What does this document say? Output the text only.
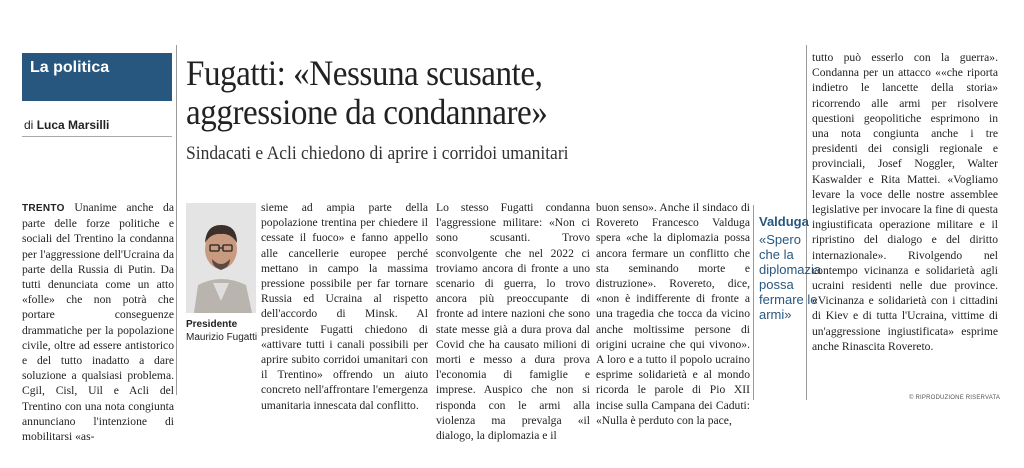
La politica
di Luca Marsilli
Fugatti: «Nessuna scusante,
aggressione da condannare»
Sindacati e Acli chiedono di aprire i corridoi umanitari
TRENTO Unanime anche da parte delle forze politiche e sociali del Trentino la condanna per l'aggressione dell'Ucraina da parte della Russia di Putin. Da tutti denunciata come un atto «folle» che non potrà che portare conseguenze drammatiche per la popolazione civile, oltre ad essere antistorico e del tutto inadatto a dare soluzione a qualsiasi problema. Cgil, Cisl, Uil e Acli del Trentino con una nota congiunta annunciano l'intenzione di mobilitarsi «as-
Presidente
Maurizio Fugatti
sieme ad ampia parte della popolazione trentina per chiedere il cessate il fuoco» e fanno appello alle cancellerie europee perché mettano in campo la massima pressione possibile per far tornare Russia ed Ucraina al rispetto dell'accordo di Minsk. Al presidente Fugatti chiedono di «attivare tutti i canali possibili per aprire subito corridoi umanitari con il Trentino» offrendo un aiuto concreto nell'affrontare l'emergenza umanitaria innescata dal conflitto.
Lo stesso Fugatti condanna l'aggressione militare: «Non ci sono scusanti. Trovo sconvolgente che nel 2022 ci troviamo ancora di fronte a uno scenario di guerra, lo trovo ancora più preoccupante di fronte ad intere nazioni che sono state messe già a dura prova dal Covid che ha causato milioni di morti e messo a dura prova l'economia di famiglie e imprese. Auspico che non si risponda con le armi alla violenza ma prevalga «il dialogo, la diplomazia e il
buon senso». Anche il sindaco di Rovereto Francesco Valduga spera «che la diplomazia possa ancora fermare un conflitto che sta seminando morte e distruzione». Rovereto, dice, «non è indifferente di fronte a una tragedia che tocca da vicino anche moltissime persone di origini ucraine che qui vivono». A loro e a tutto il popolo ucraino esprime solidarietà e al mondo ricorda le parole di Pio XII incise sulla Campana dei Caduti: «Nulla è perduto con la pace,
Valduga
«Spero che la diplomazia possa fermare le armi»
tutto può esserlo con la guerra». Condanna per un attacco ««che riporta indietro le lancette della storia» ricorrendo alle armi per risolvere questioni geopolitiche esprimono in una nota congiunta anche i tre presidenti dei consigli regionale e provinciali, Josef Noggler, Walter Kaswalder e Rita Mattei. «Vogliamo levare la voce delle nostre assemblee legislative per invocare la fine di questa ingiustificata operazione militare e il ripristino del dialogo e del diritto internazionale». Rivolgendo nel contempo vicinanza e solidarietà agli ucraini residenti nelle due province. «Vicinanza e solidarietà con i cittadini di Kiev e di tutta l'Ucraina, vittime di un'aggressione ingiustificata» esprime anche Rinascita Rovereto.
© RIPRODUZIONE RISERVATA
